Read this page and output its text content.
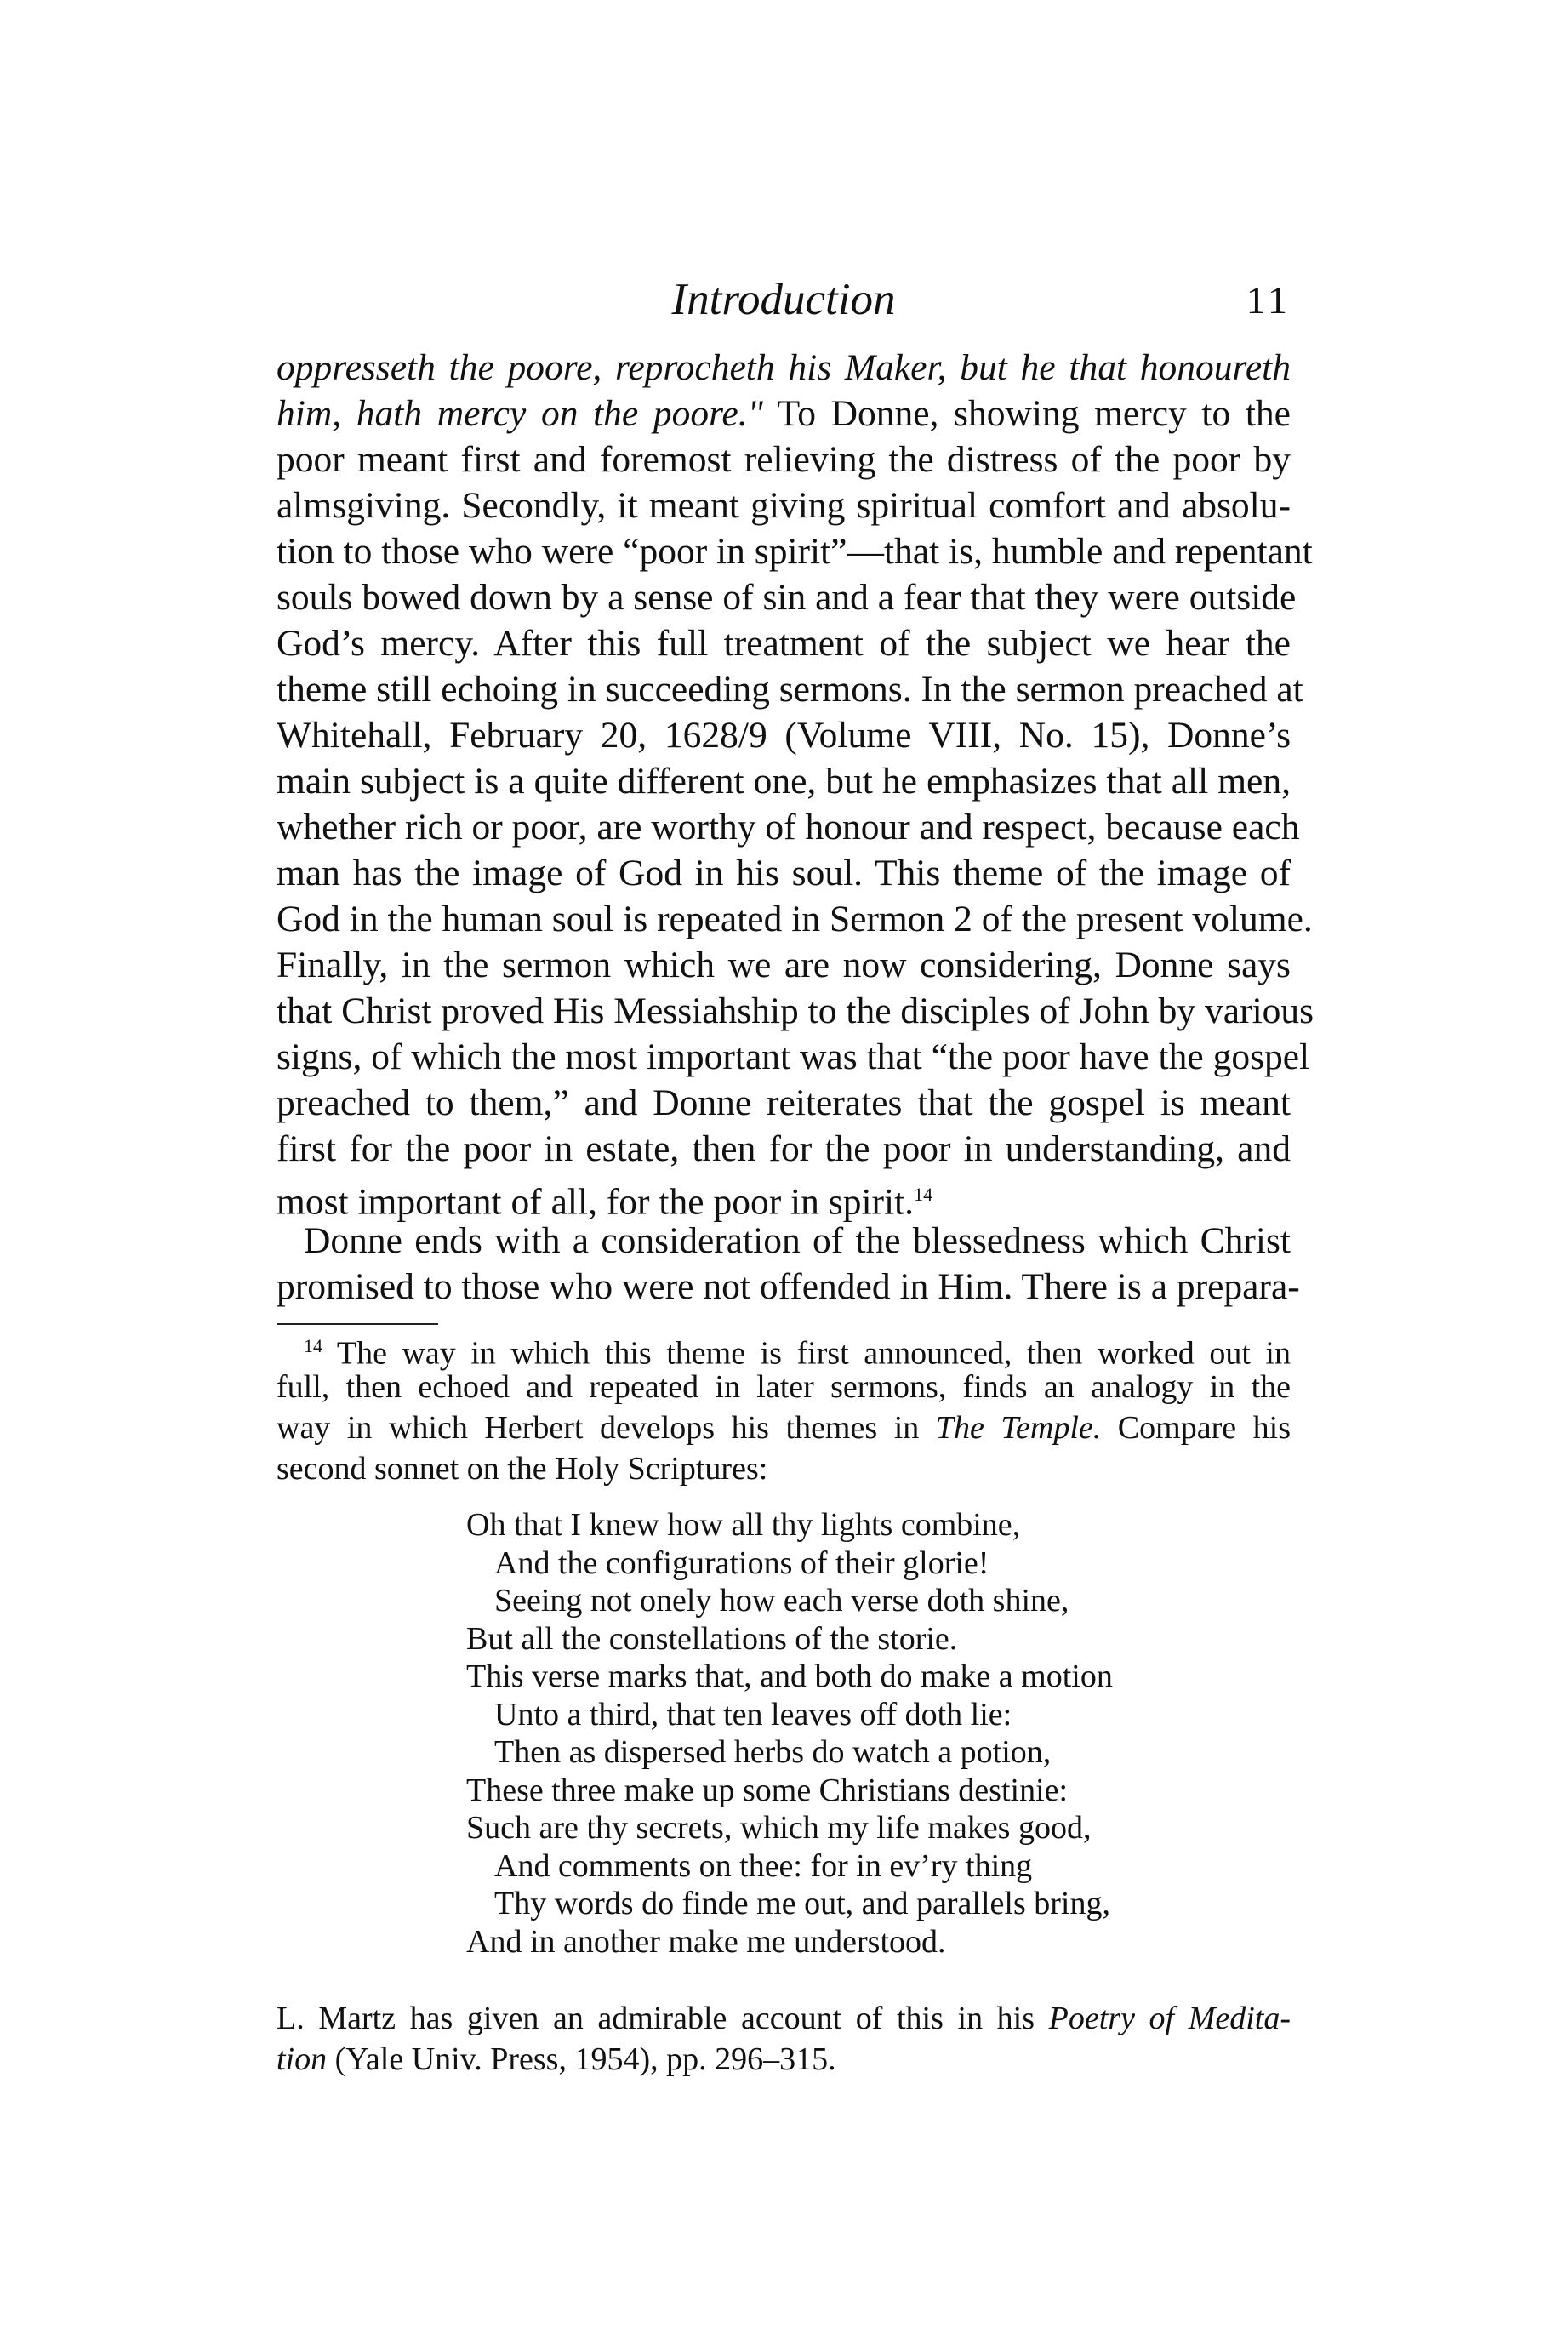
Introduction	11
oppresseth the poore, reprocheth his Maker, but he that honoureth
him, hath mercy on the poore." To Donne, showing mercy to the
poor meant first and foremost relieving the distress of the poor by
almsgiving. Secondly, it meant giving spiritual comfort and absolu-
tion to those who were “poor in spirit”—that is, humble and repentant
souls bowed down by a sense of sin and a fear that they were outside
God’s mercy. After this full treatment of the subject we hear the
theme still echoing in succeeding sermons. In the sermon preached at
Whitehall, February 20, 1628/9 (Volume VIII, No. 15), Donne’s
main subject is a quite different one, but he emphasizes that all men,
whether rich or poor, are worthy of honour and respect, because each
man has the image of God in his soul. This theme of the image of
God in the human soul is repeated in Sermon 2 of the present volume.
Finally, in the sermon which we are now considering, Donne says
that Christ proved His Messiahship to the disciples of John by various
signs, of which the most important was that “the poor have the gospel
preached to them,” and Donne reiterates that the gospel is meant
first for the poor in estate, then for the poor in understanding, and
most important of all, for the poor in spirit.$^{14}$
Donne ends with a consideration of the blessedness which Christ
promised to those who were not offended in Him. There is a prepara-
$^{14}$ The way in which this theme is first announced, then worked out in
full, then echoed and repeated in later sermons, finds an analogy in the
way in which Herbert develops his themes in The Temple. Compare his
second sonnet on the Holy Scriptures:
Oh that I knew how all thy lights combine,
And the configurations of their glorie!
Seeing not onely how each verse doth shine,
But all the constellations of the storie.
This verse marks that, and both do make a motion
Unto a third, that ten leaves off doth lie:
Then as dispersed herbs do watch a potion,
These three make up some Christians destinie:
Such are thy secrets, which my life makes good,
And comments on thee: for in ev’ry thing
Thy words do finde me out, and parallels bring,
And in another make me understood.
L. Martz has given an admirable account of this in his Poetry of Medita-
tion (Yale Univ. Press, 1954), pp. 296–315.
